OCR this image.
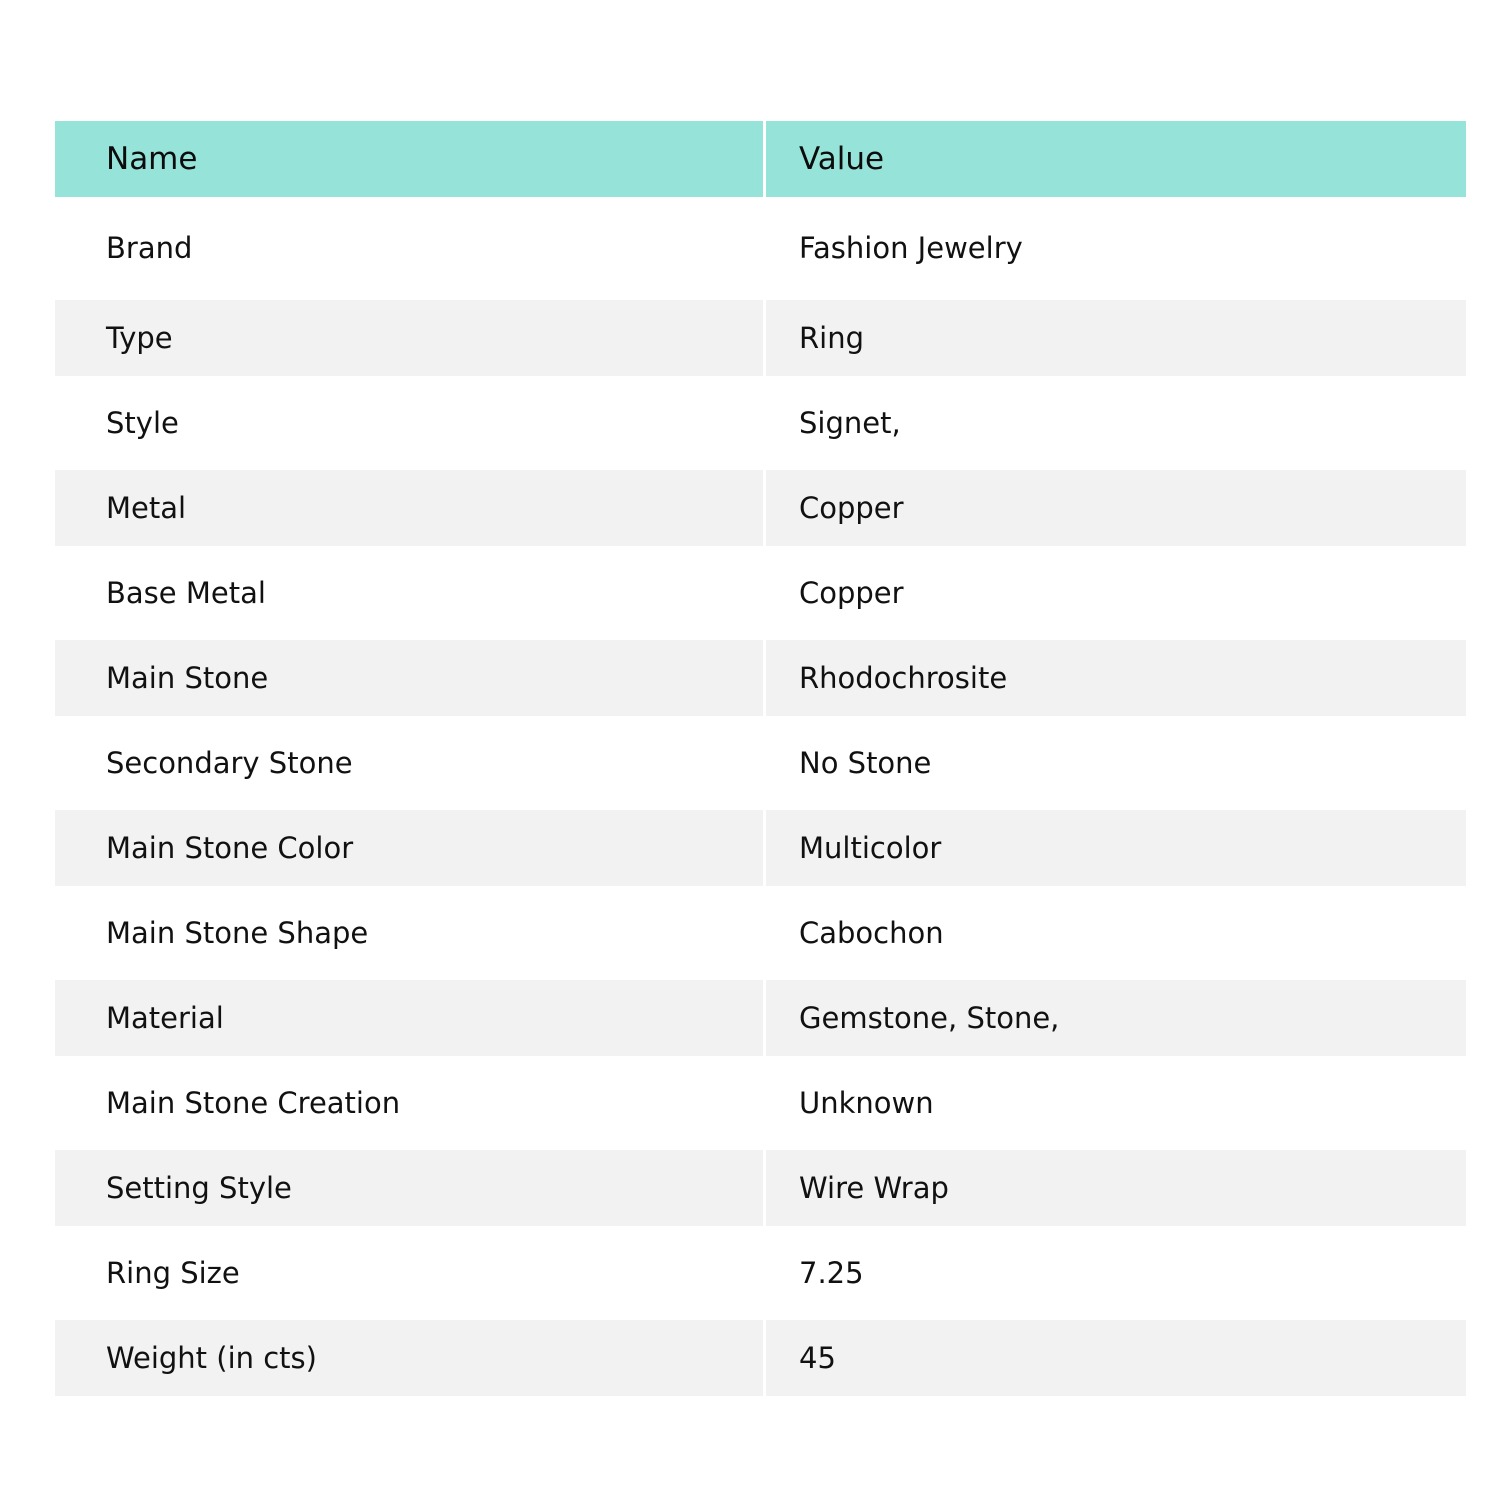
Name	Value
Brand	Fashion Jewelry
Type	Ring
Style	Signet,
Metal	Copper
Base Metal	Copper
Main Stone	Rhodochrosite
Secondary Stone	No Stone
Main Stone Color	Multicolor
Main Stone Shape	Cabochon
Material	Gemstone, Stone,
Main Stone Creation	Unknown
Setting Style	Wire Wrap
Ring Size	7.25
Weight (in cts)	45
